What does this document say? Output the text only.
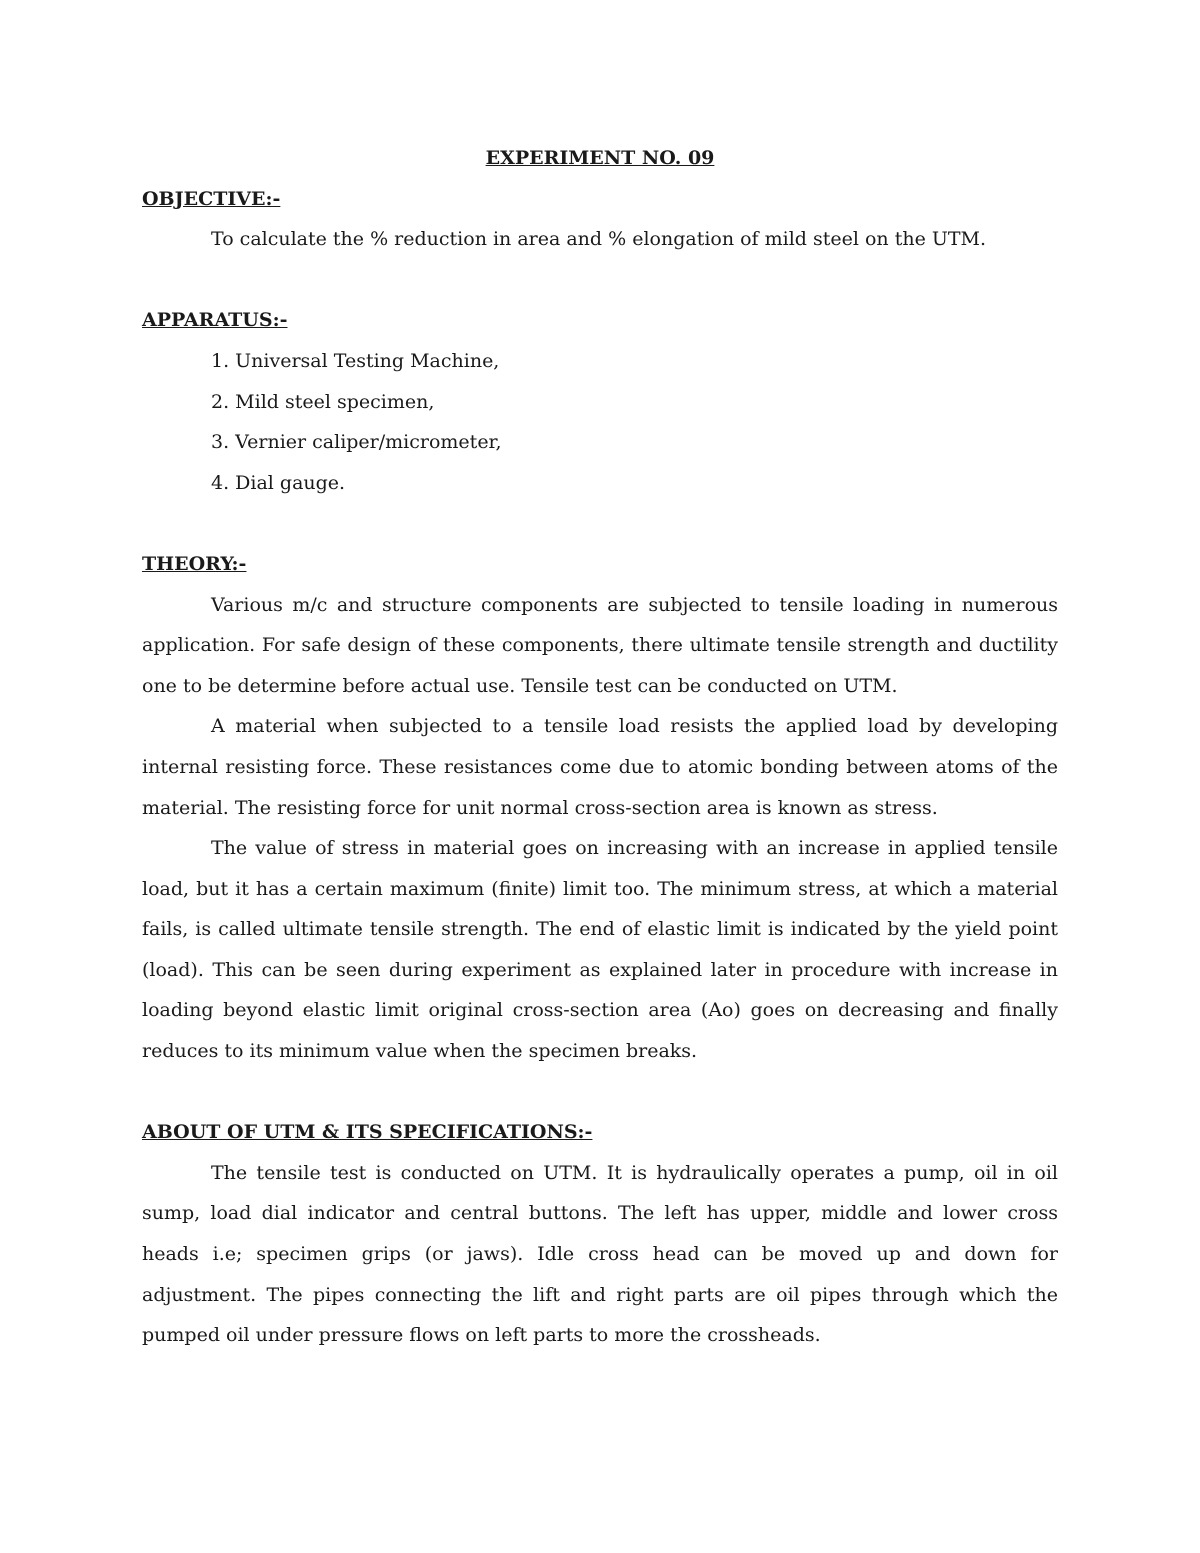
EXPERIMENT NO. 09

OBJECTIVE:-

To calculate the % reduction in area and % elongation of mild steel on the UTM.

APPARATUS:-

1. Universal Testing Machine,
2. Mild steel specimen,
3. Vernier caliper/micrometer,
4. Dial gauge.

THEORY:-

Various m/c and structure components are subjected to tensile loading in numerous application. For safe design of these components, there ultimate tensile strength and ductility one to be determine before actual use. Tensile test can be conducted on UTM.

A material when subjected to a tensile load resists the applied load by developing internal resisting force. These resistances come due to atomic bonding between atoms of the material. The resisting force for unit normal cross-section area is known as stress.

The value of stress in material goes on increasing with an increase in applied tensile load, but it has a certain maximum (finite) limit too. The minimum stress, at which a material fails, is called ultimate tensile strength. The end of elastic limit is indicated by the yield point (load). This can be seen during experiment as explained later in procedure with increase in loading beyond elastic limit original cross-section area (Ao) goes on decreasing and finally reduces to its minimum value when the specimen breaks.

ABOUT OF UTM & ITS SPECIFICATIONS:-

The tensile test is conducted on UTM. It is hydraulically operates a pump, oil in oil sump, load dial indicator and central buttons. The left has upper, middle and lower cross heads i.e; specimen grips (or jaws). Idle cross head can be moved up and down for adjustment. The pipes connecting the lift and right parts are oil pipes through which the pumped oil under pressure flows on left parts to more the crossheads.
